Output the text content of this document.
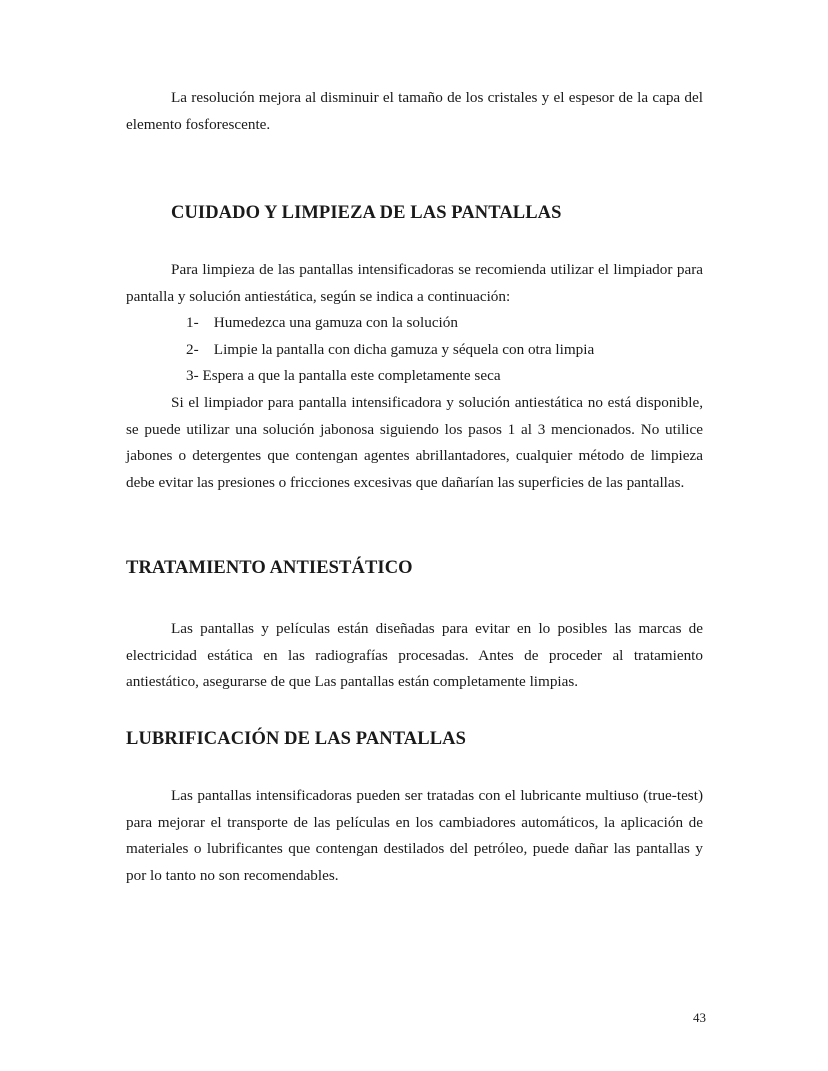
La resolución mejora al disminuir el tamaño de los cristales y el espesor de la capa del elemento fosforescente.

CUIDADO Y LIMPIEZA DE LAS PANTALLAS

Para limpieza de las pantallas intensificadoras se recomienda utilizar el limpiador para pantalla y solución antiestática, según se indica a continuación:

1- Humedezca una gamuza con la solución
2- Limpie la pantalla con dicha gamuza y séquela con otra limpia
3- Espera a que la pantalla este completamente seca

Si el limpiador para pantalla intensificadora y solución antiestática no está disponible, se puede utilizar una solución jabonosa siguiendo los pasos 1 al 3 mencionados. No utilice jabones o detergentes que contengan agentes abrillantadores, cualquier método de limpieza debe evitar las presiones o fricciones excesivas que dañarían las superficies de las pantallas.

TRATAMIENTO ANTIESTÁTICO

Las pantallas y películas están diseñadas para evitar en lo posibles las marcas de electricidad estática en las radiografías procesadas. Antes de proceder al tratamiento antiestático, asegurarse de que Las pantallas están completamente limpias.

LUBRIFICACIÓN DE LAS PANTALLAS

Las pantallas intensificadoras pueden ser tratadas con el lubricante multiuso (true-test) para mejorar el transporte de las películas en los cambiadores automáticos, la aplicación de materiales o lubrificantes que contengan destilados del petróleo, puede dañar las pantallas y por lo tanto no son recomendables.

43
